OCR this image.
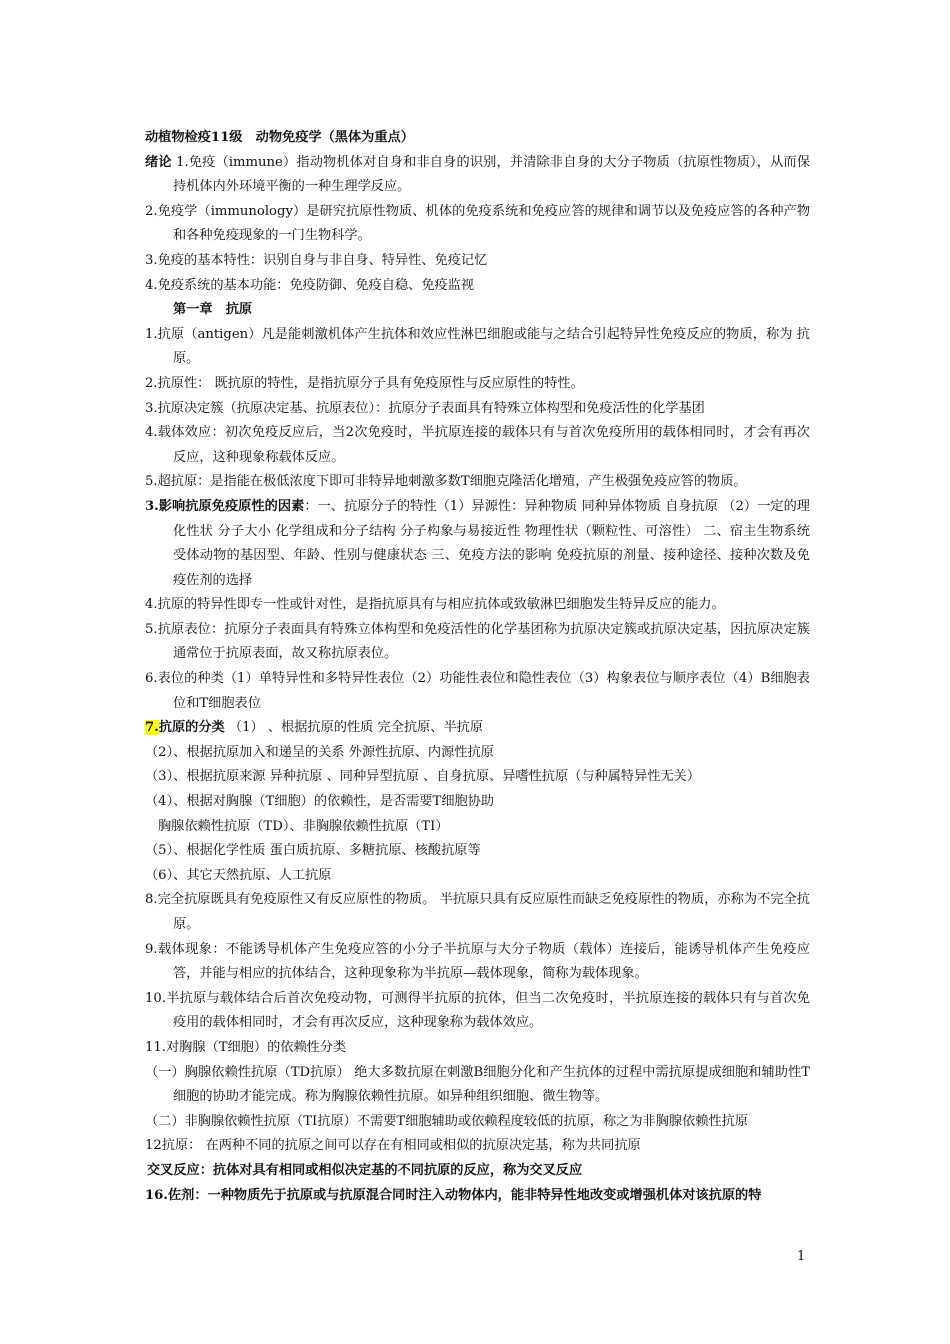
动植物检疫11级　动物免疫学（黑体为重点）

绪论 1.免疫（immune）指动物机体对自身和非自身的识别，并清除非自身的大分子物质（抗原性物质），从而保持机体内外环境平衡的一种生理学反应。

2.免疫学（immunology）是研究抗原性物质、机体的免疫系统和免疫应答的规律和调节以及免疫应答的各种产物和各种免疫现象的一门生物科学。

3.免疫的基本特性：识别自身与非自身、特异性、免疫记忆

4.免疫系统的基本功能：免疫防御、免疫自稳、免疫监视

第一章　抗原

1.抗原（antigen）凡是能刺激机体产生抗体和效应性淋巴细胞或能与之结合引起特异性免疫反应的物质，称为 抗原。

2.抗原性： 既抗原的特性，是指抗原分子具有免疫原性与反应原性的特性。

3.抗原决定簇（抗原决定基、抗原表位）：抗原分子表面具有特殊立体构型和免疫活性的化学基团

4.载体效应：初次免疫反应后，当2次免疫时，半抗原连接的载体只有与首次免疫所用的载体相同时，才会有再次反应，这种现象称载体反应。

5.超抗原：是指能在极低浓度下即可非特异地刺激多数T细胞克隆活化增殖，产生极强免疫应答的物质。

3.影响抗原免疫原性的因素：一、抗原分子的特性（1）异源性：异种物质 同种异体物质 自身抗原 （2）一定的理化性状 分子大小 化学组成和分子结构 分子构象与易接近性 物理性状（颗粒性、可溶性） 二、宿主生物系统 受体动物的基因型、年龄、性别与健康状态 三、免疫方法的影响 免疫抗原的剂量、接种途径、接种次数及免疫佐剂的选择

4.抗原的特异性即专一性或针对性，是指抗原具有与相应抗体或致敏淋巴细胞发生特异反应的能力。

5.抗原表位：抗原分子表面具有特殊立体构型和免疫活性的化学基团称为抗原决定簇或抗原决定基，因抗原决定簇通常位于抗原表面，故又称抗原表位。

6.表位的种类（1）单特异性和多特异性表位（2）功能性表位和隐性表位（3）构象表位与顺序表位（4）B细胞表位和T细胞表位

7.抗原的分类 （1） 、根据抗原的性质 完全抗原、半抗原

（2）、根据抗原加入和递呈的关系 外源性抗原、内源性抗原

（3）、根据抗原来源 异种抗原 、同种异型抗原 、自身抗原、异嗜性抗原（与种属特异性无关）

（4）、根据对胸腺（T细胞）的依赖性，是否需要T细胞协助

胸腺依赖性抗原（TD）、非胸腺依赖性抗原（TI）

（5）、根据化学性质 蛋白质抗原、多糖抗原、核酸抗原等

（6）、其它天然抗原、人工抗原

8.完全抗原既具有免疫原性又有反应原性的物质。 半抗原只具有反应原性而缺乏免疫原性的物质，亦称为不完全抗原。

9.载体现象：不能诱导机体产生免疫应答的小分子半抗原与大分子物质（载体）连接后，能诱导机体产生免疫应答，并能与相应的抗体结合，这种现象称为半抗原—载体现象，简称为载体现象。

10.半抗原与载体结合后首次免疫动物，可测得半抗原的抗体，但当二次免疫时，半抗原连接的载体只有与首次免疫用的载体相同时，才会有再次反应，这种现象称为载体效应。

11.对胸腺（T细胞）的依赖性分类

（一）胸腺依赖性抗原（TD抗原） 绝大多数抗原在刺激B细胞分化和产生抗体的过程中需抗原提成细胞和辅助性T细胞的协助才能完成。称为胸腺依赖性抗原。如异种组织细胞、微生物等。

（二）非胸腺依赖性抗原（TI抗原）不需要T细胞辅助或依赖程度较低的抗原，称之为非胸腺依赖性抗原

12抗原： 在两种不同的抗原之间可以存在有相同或相似的抗原决定基，称为共同抗原

交叉反应：抗体对具有相同或相似决定基的不同抗原的反应，称为交叉反应

16.佐剂：一种物质先于抗原或与抗原混合同时注入动物体内，能非特异性地改变或增强机体对该抗原的特

1
